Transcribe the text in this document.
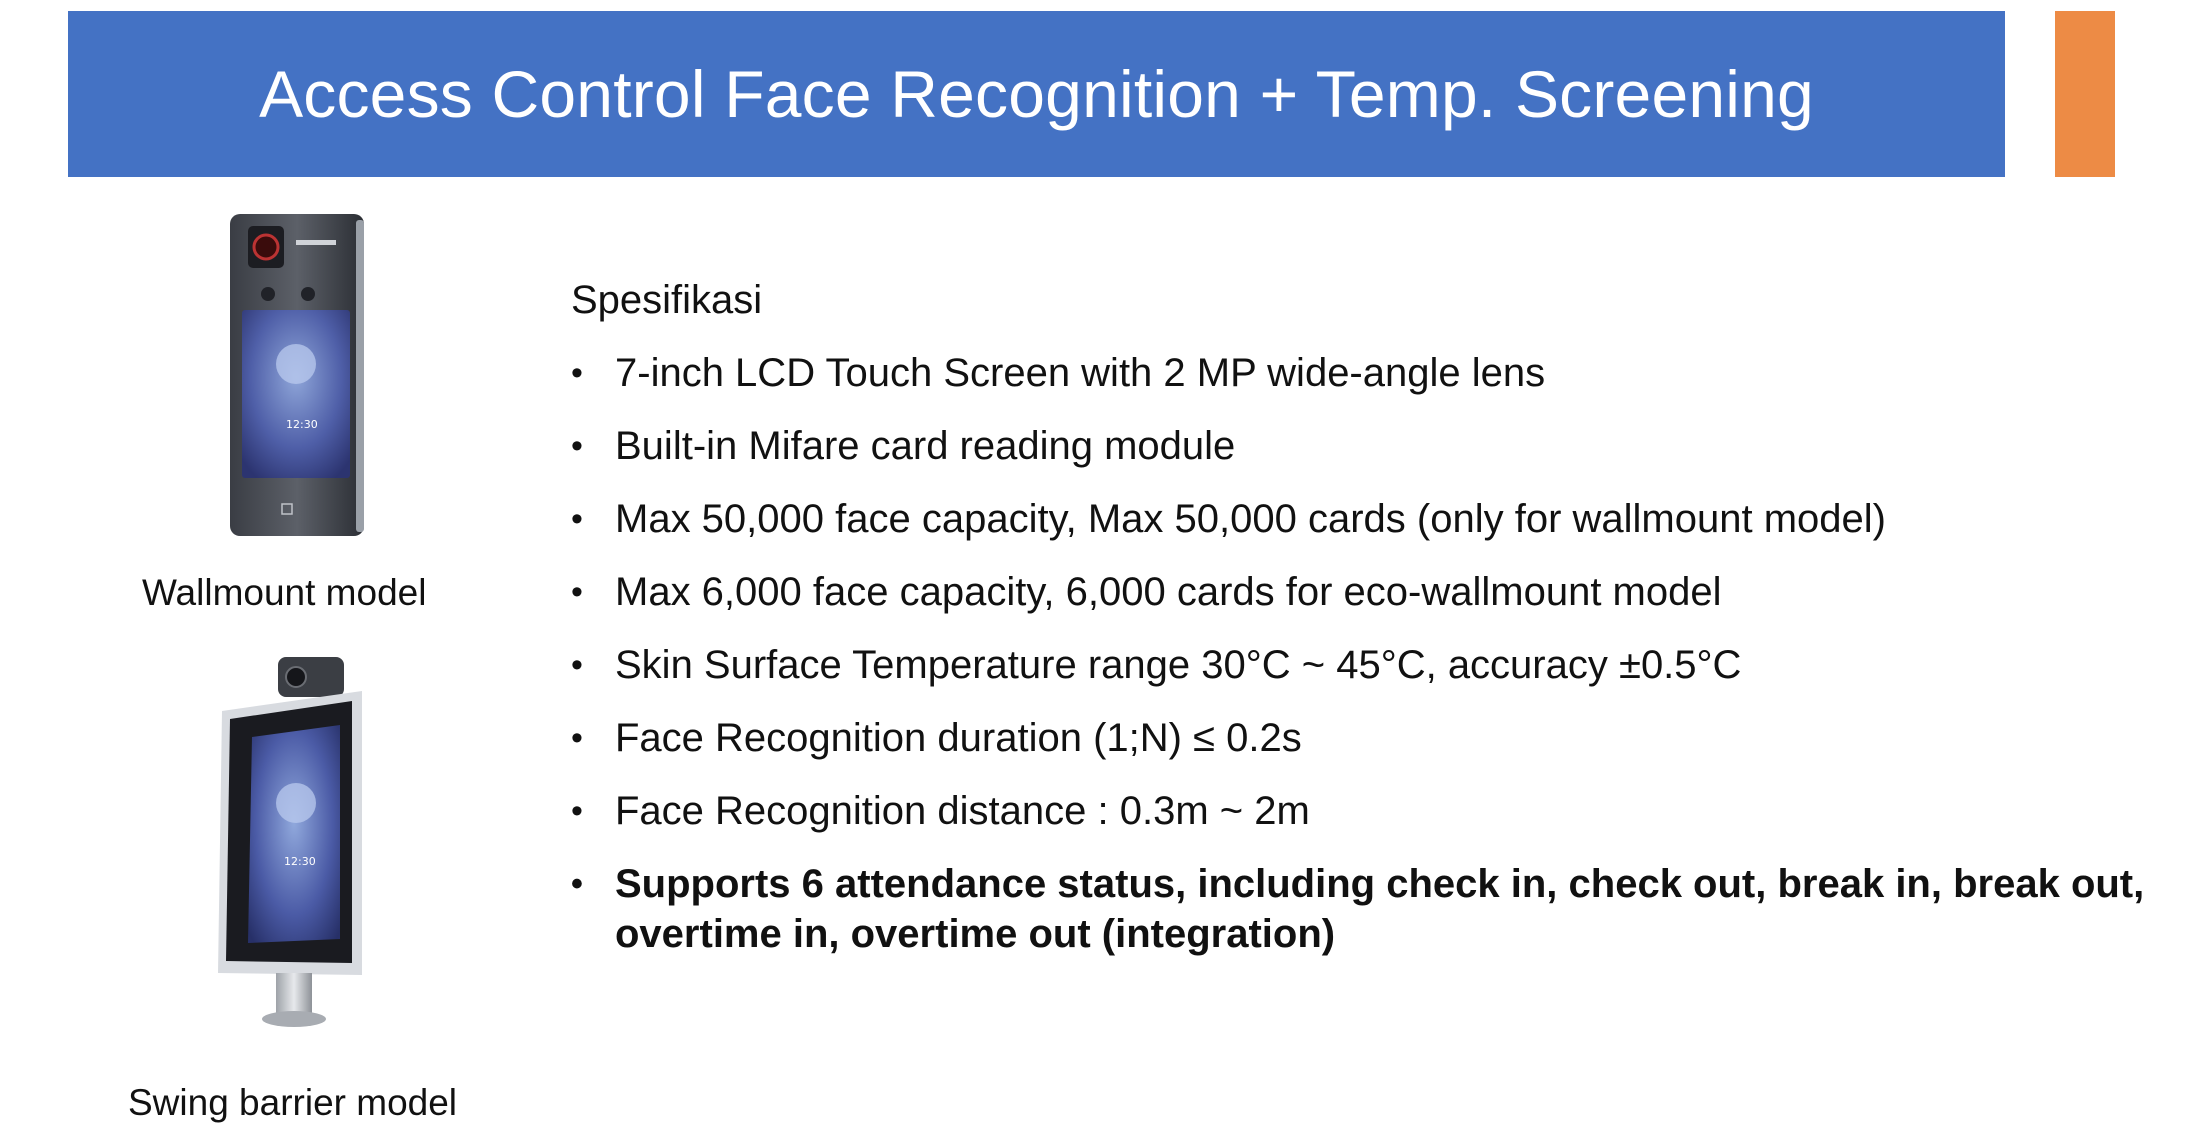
Access Control Face Recognition + Temp. Screening
12:30
Wallmount model
12:30
Swing barrier model
Spesifikasi
• 7-inch LCD Touch Screen with 2 MP wide-angle lens
• Built-in Mifare card reading module
• Max 50,000 face capacity, Max 50,000 cards (only for wallmount model)
• Max 6,000 face capacity, 6,000 cards for eco-wallmount model
• Skin Surface Temperature range 30°C ~ 45°C, accuracy ±0.5°C
• Face Recognition duration (1;N) ≤ 0.2s
• Face Recognition distance : 0.3m ~ 2m
• Supports 6 attendance status, including check in, check out, break in, break out, overtime in, overtime out (integration)
